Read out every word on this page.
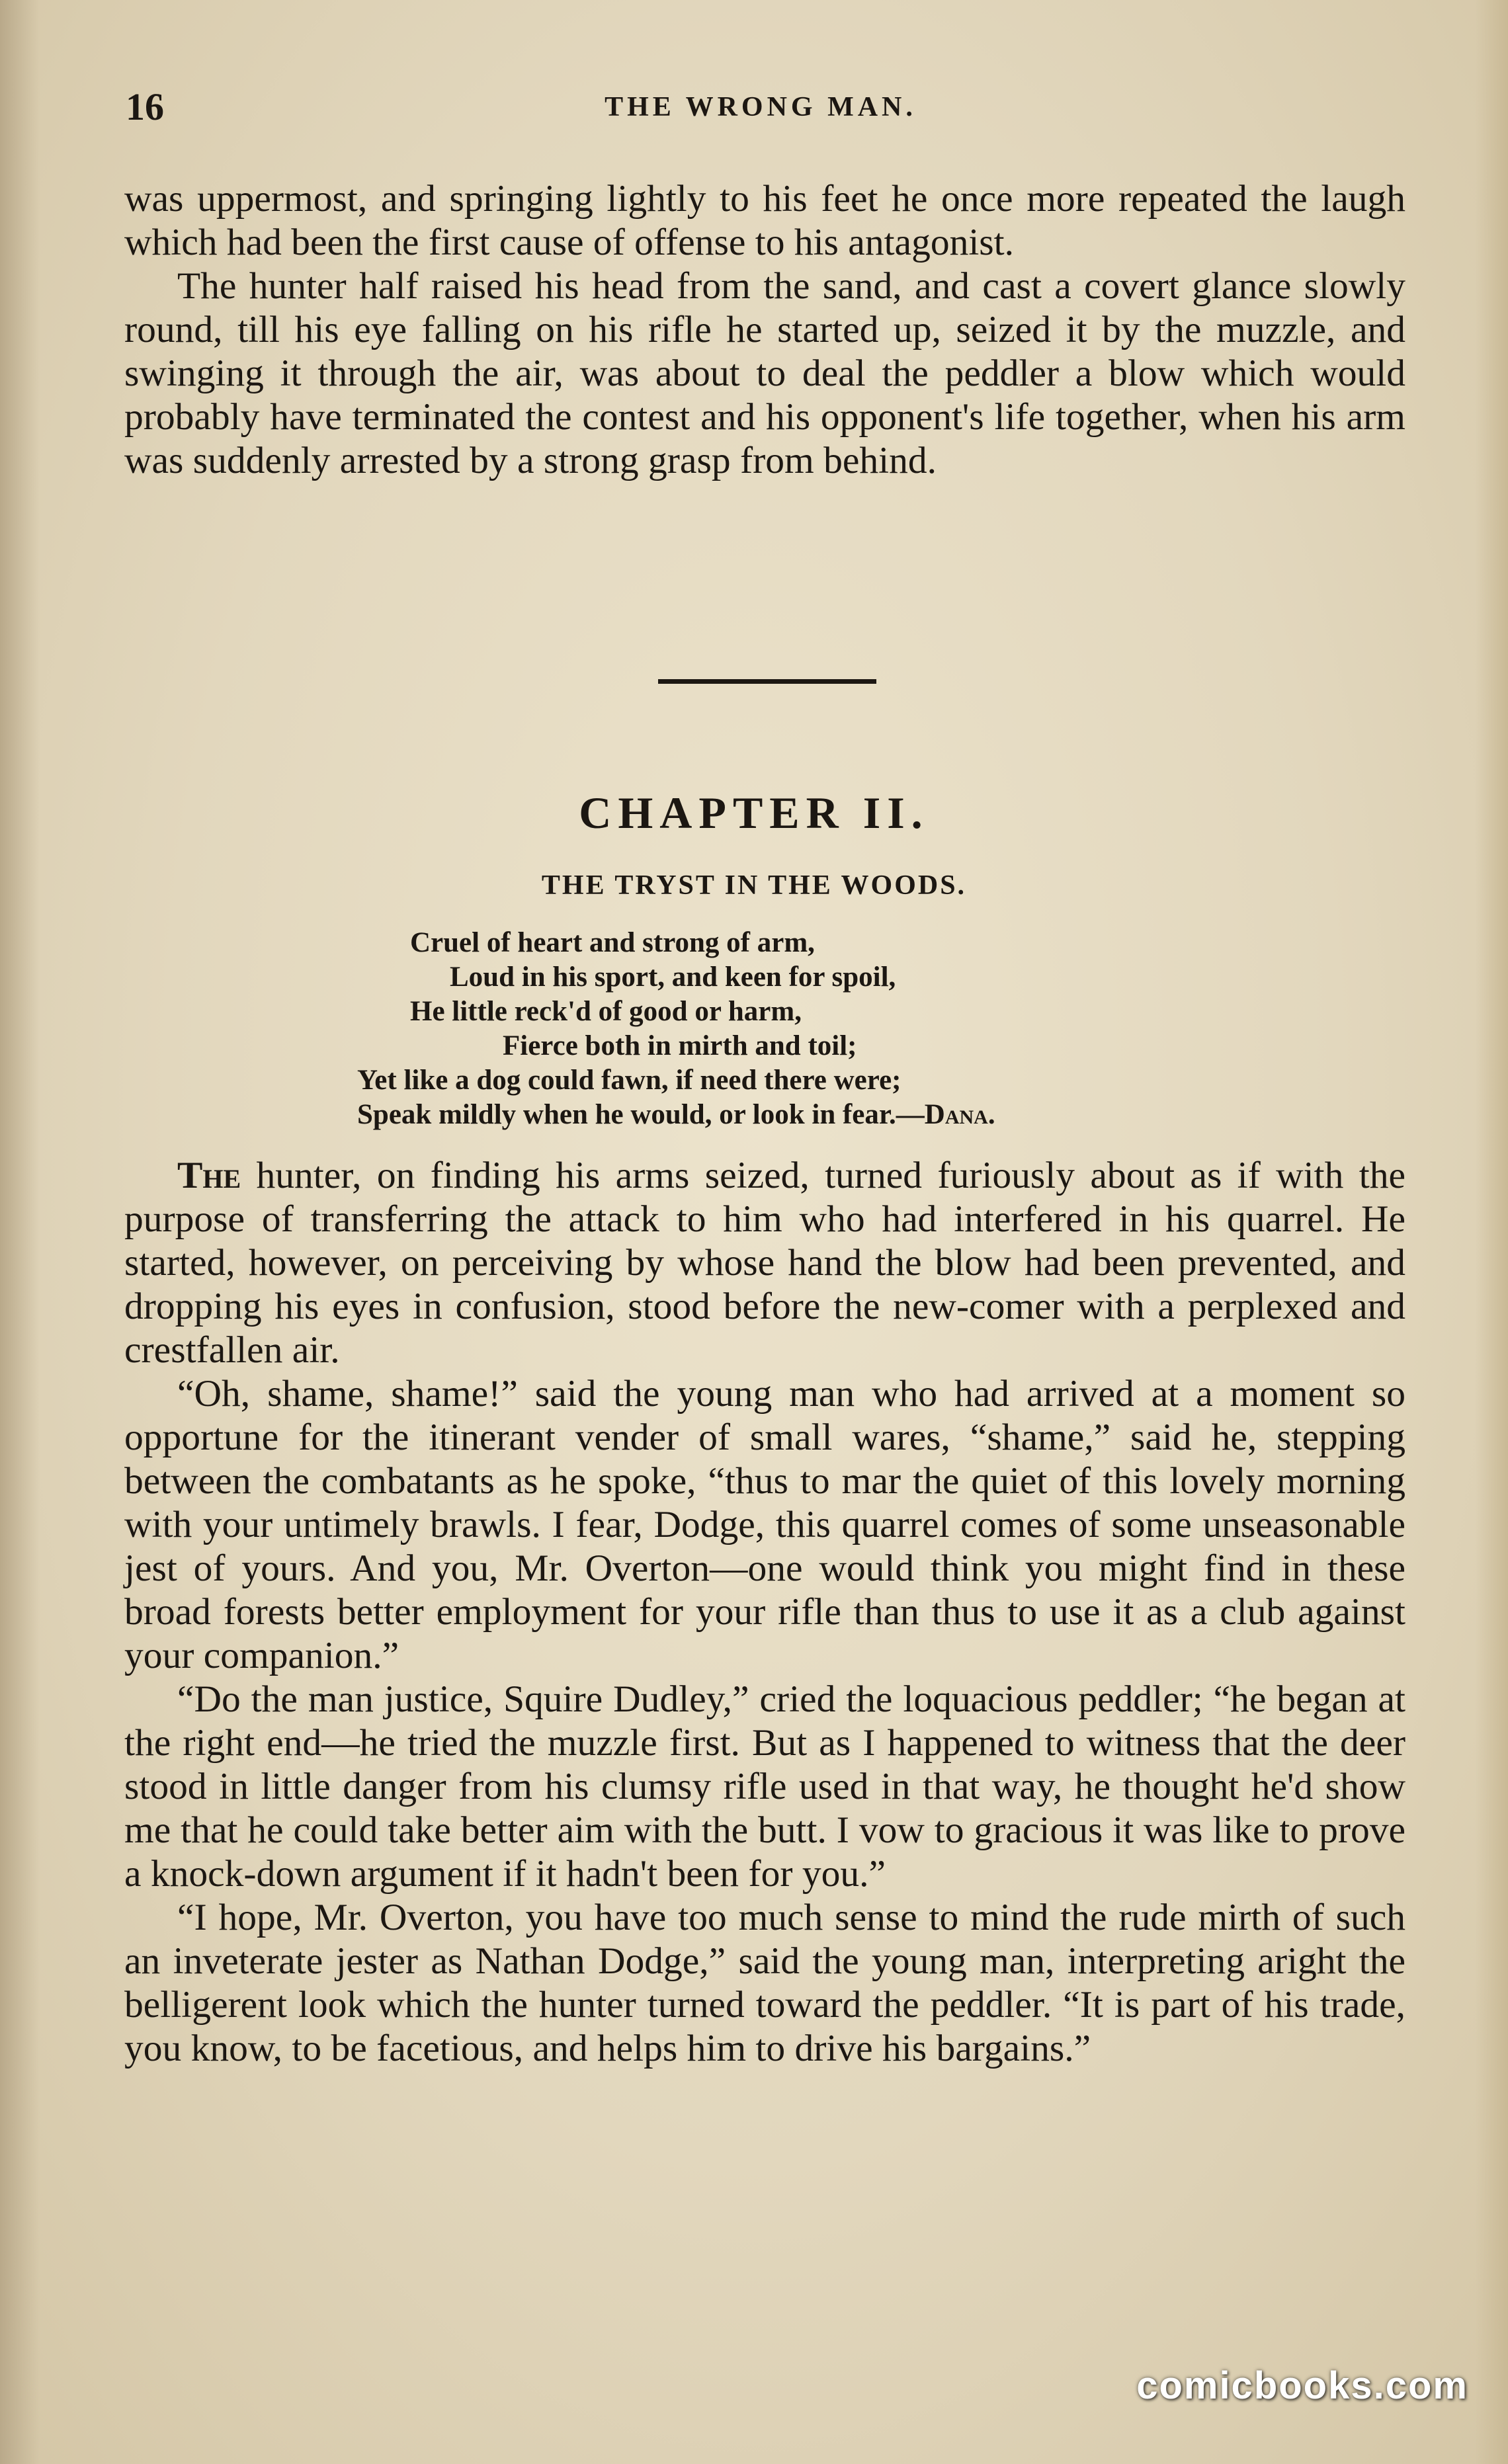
16	THE WRONG MAN.

was uppermost, and springing lightly to his feet he once more repeated the laugh which had been the first cause of offense to his antagonist.

The hunter half raised his head from the sand, and cast a covert glance slowly round, till his eye falling on his rifle he started up, seized it by the muzzle, and swinging it through the air, was about to deal the peddler a blow which would probably have terminated the contest and his opponent's life together, when his arm was suddenly arrested by a strong grasp from behind.

CHAPTER II.
THE TRYST IN THE WOODS.
Cruel of heart and strong of arm,
Loud in his sport, and keen for spoil,
He little reck'd of good or harm,
Fierce both in mirth and toil;
Yet like a dog could fawn, if need there were;
Speak mildly when he would, or look in fear.—Dana.

The hunter, on finding his arms seized, turned furiously about as if with the purpose of transferring the attack to him who had interfered in his quarrel. He started, however, on perceiving by whose hand the blow had been prevented, and dropping his eyes in confusion, stood before the new-comer with a perplexed and crestfallen air.

“Oh, shame, shame!” said the young man who had arrived at a moment so opportune for the itinerant vender of small wares, “shame,” said he, stepping between the combatants as he spoke, “thus to mar the quiet of this lovely morning with your untimely brawls. I fear, Dodge, this quarrel comes of some unseasonable jest of yours. And you, Mr. Overton—one would think you might find in these broad forests better employment for your rifle than thus to use it as a club against your companion.”

“Do the man justice, Squire Dudley,” cried the loquacious peddler; “he began at the right end—he tried the muzzle first. But as I happened to witness that the deer stood in little danger from his clumsy rifle used in that way, he thought he'd show me that he could take better aim with the butt. I vow to gracious it was like to prove a knock-down argument if it hadn't been for you.”

“I hope, Mr. Overton, you have too much sense to mind the rude mirth of such an inveterate jester as Nathan Dodge,” said the young man, interpreting aright the belligerent look which the hunter turned toward the peddler. “It is part of his trade, you know, to be facetious, and helps him to drive his bargains.”

comicbooks.com
